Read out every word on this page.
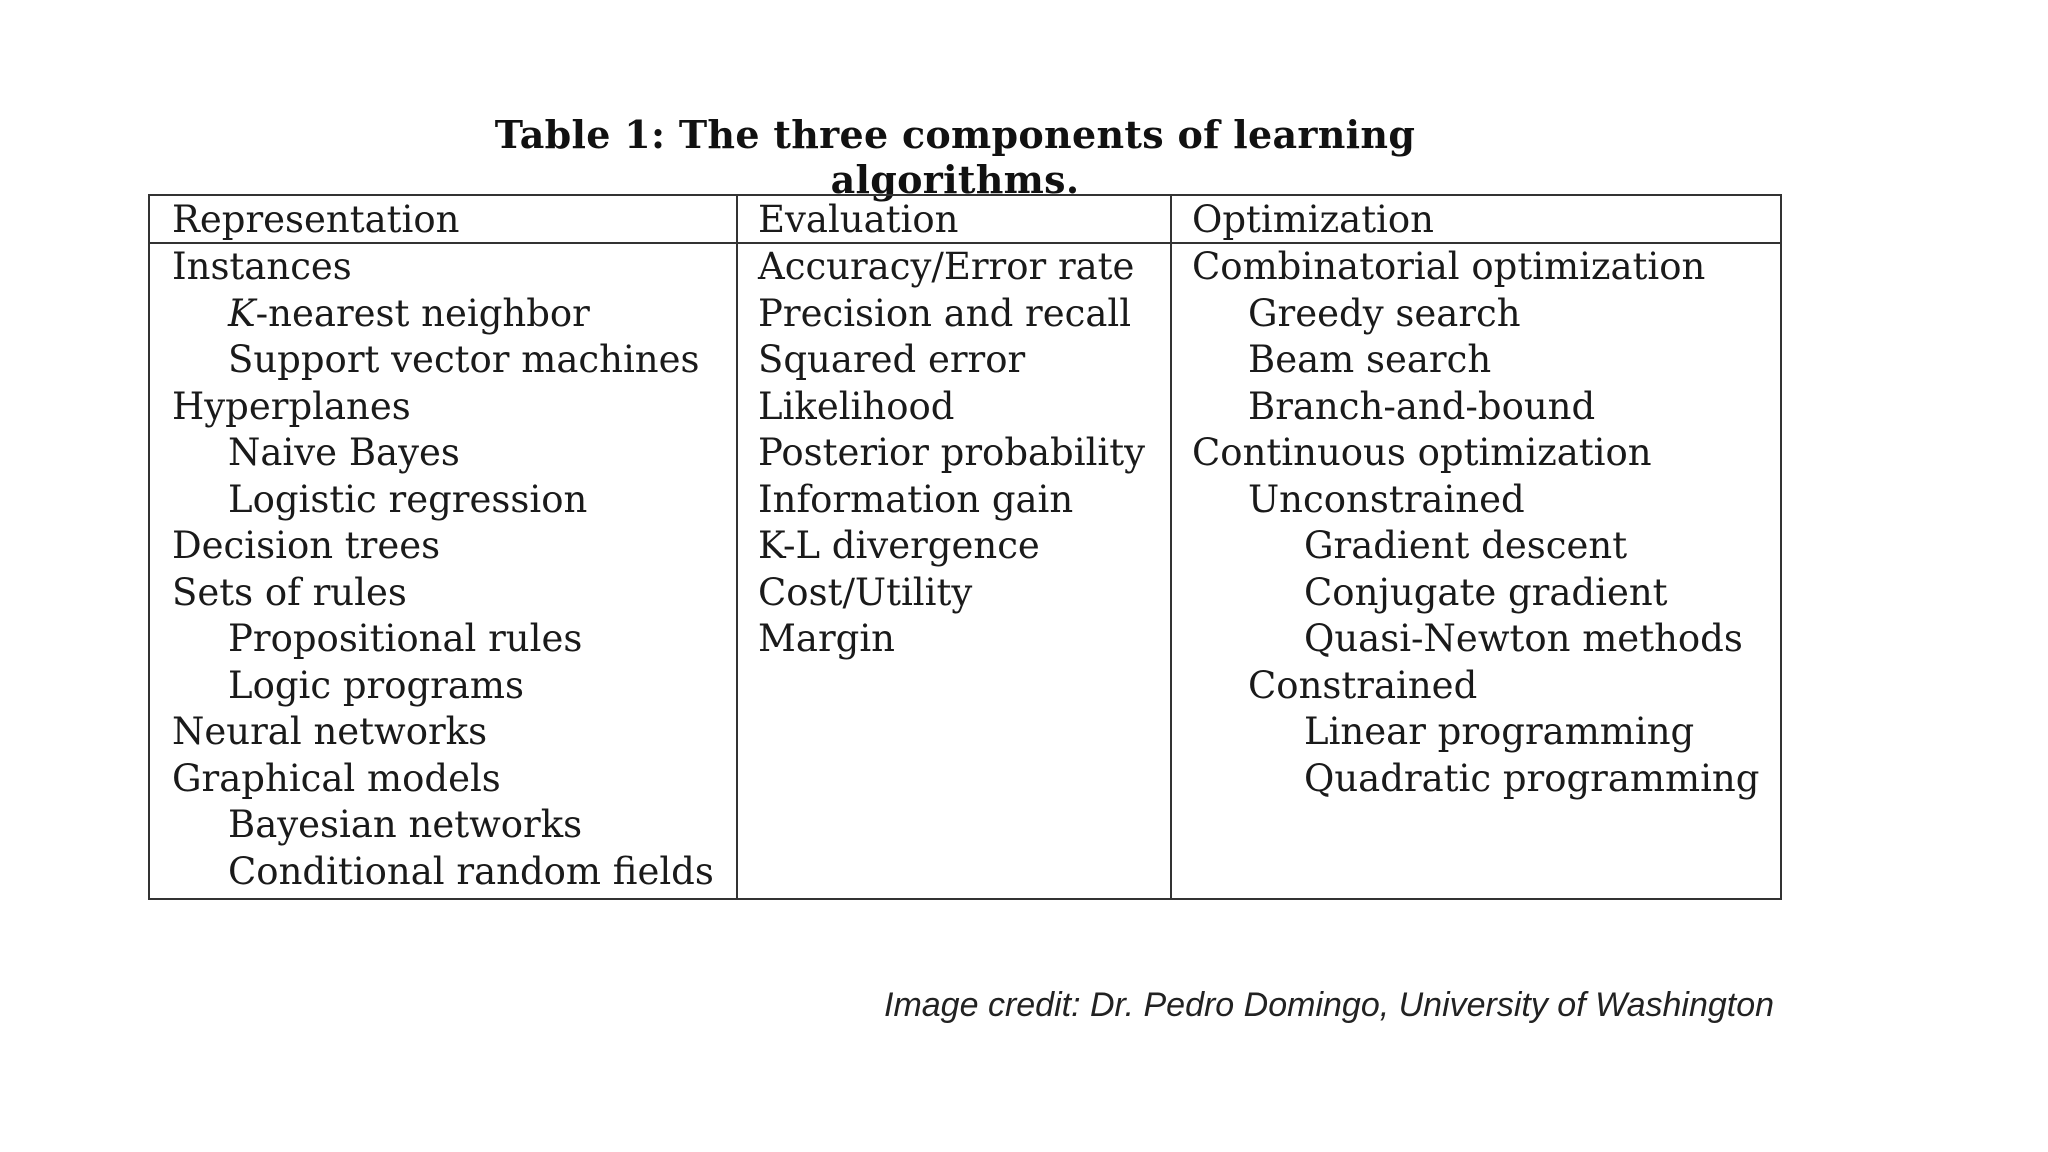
Table 1: The three components of learning algorithms.
Representation
Instances
K-nearest neighbor
Support vector machines
Hyperplanes
Naive Bayes
Logistic regression
Decision trees
Sets of rules
Propositional rules
Logic programs
Neural networks
Graphical models
Bayesian networks
Conditional random fields
Evaluation
Accuracy/Error rate
Precision and recall
Squared error
Likelihood
Posterior probability
Information gain
K-L divergence
Cost/Utility
Margin
Optimization
Combinatorial optimization
Greedy search
Beam search
Branch-and-bound
Continuous optimization
Unconstrained
Gradient descent
Conjugate gradient
Quasi-Newton methods
Constrained
Linear programming
Quadratic programming
Image credit: Dr. Pedro Domingo, University of Washington
